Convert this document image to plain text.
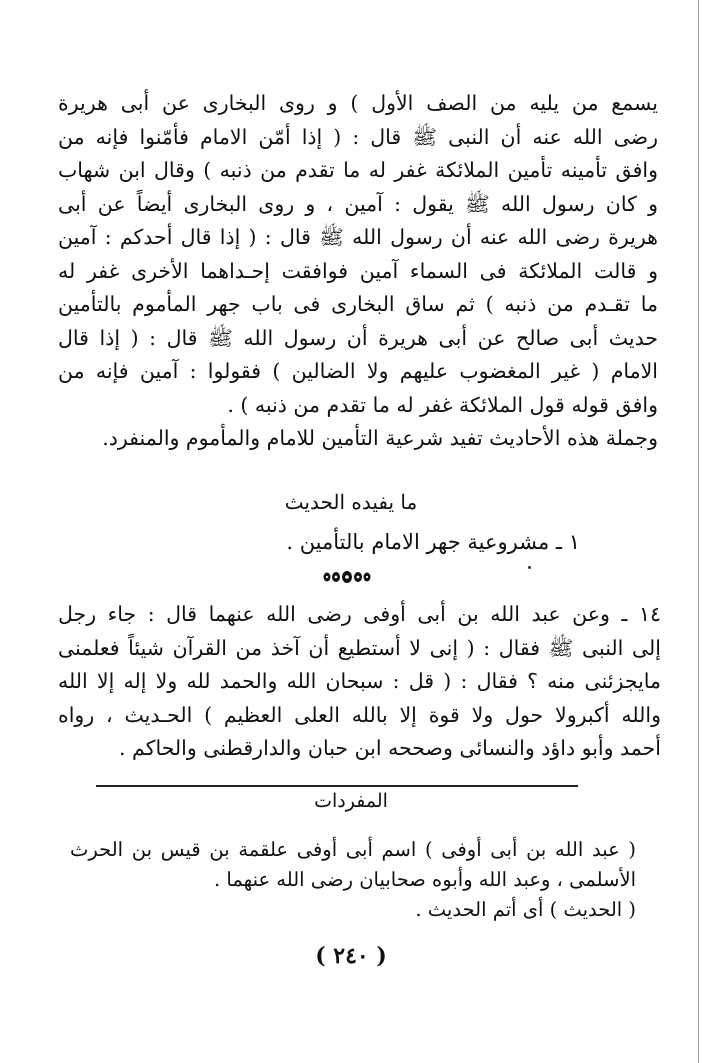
يسمع من يليه من الصف الأول ) و روى البخارى عن أبى هريرة
رضى الله عنه أن النبى ﷺ قال : ( إذا أمّن الامام فأمّنوا فإنه من
وافق تأمينه تأمين الملائكة غفر له ما تقدم من ذنبه ) وقال ابن شهاب
و كان رسول الله ﷺ يقول : آمين ، و روى البخارى أيضاً عن أبى
هريرة رضى الله عنه أن رسول الله ﷺ قال : ( إذا قال أحدكم : آمين
و قالت الملائكة فى السماء آمين فوافقت إحـداهما الأخرى غفر له
ما تقـدم من ذنبه ) ثم ساق البخارى فى باب جهر المأموم بالتأمين
حديث أبى صالح عن أبى هريرة أن رسول الله ﷺ قال : ( إذا قال
الامام ( غير المغضوب عليهم ولا الضالين ) فقولوا : آمين فإنه من
وافق قوله قول الملائكة غفر له ما تقدم من ذنبه ) .
وجملة هذه الأحاديث تفيد شرعية التأمين للامام والمأموم والمنفرد.
ما يفيده الحديث
١ ـ مشروعية جهر الامام بالتأمين .
١٤ ـ وعن عبد الله بن أبى أوفى رضى الله عنهما قال : جاء رجل
إلى النبى ﷺ فقال : ( إنى لا أستطيع أن آخذ من القرآن شيئاً فعلمنى
مايجزئنى منه ؟ فقال : ( قل : سبحان الله والحمد لله ولا إله إلا الله
والله أكبرولا حول ولا قوة إلا بالله العلى العظيم ) الحـديث ، رواه
أحمد وأبو داؤد والنسائى وصححه ابن حبان والدارقطنى والحاكم .
المفردات
( عبد الله بن أبى أوفى ) اسم أبى أوفى علقمة بن قيس بن الحرث
الأسلمى ، وعبد الله وأبوه صحابيان رضى الله عنهما .
( الحديث ) أى أتم الحديث .
( ٢٤٠ )
